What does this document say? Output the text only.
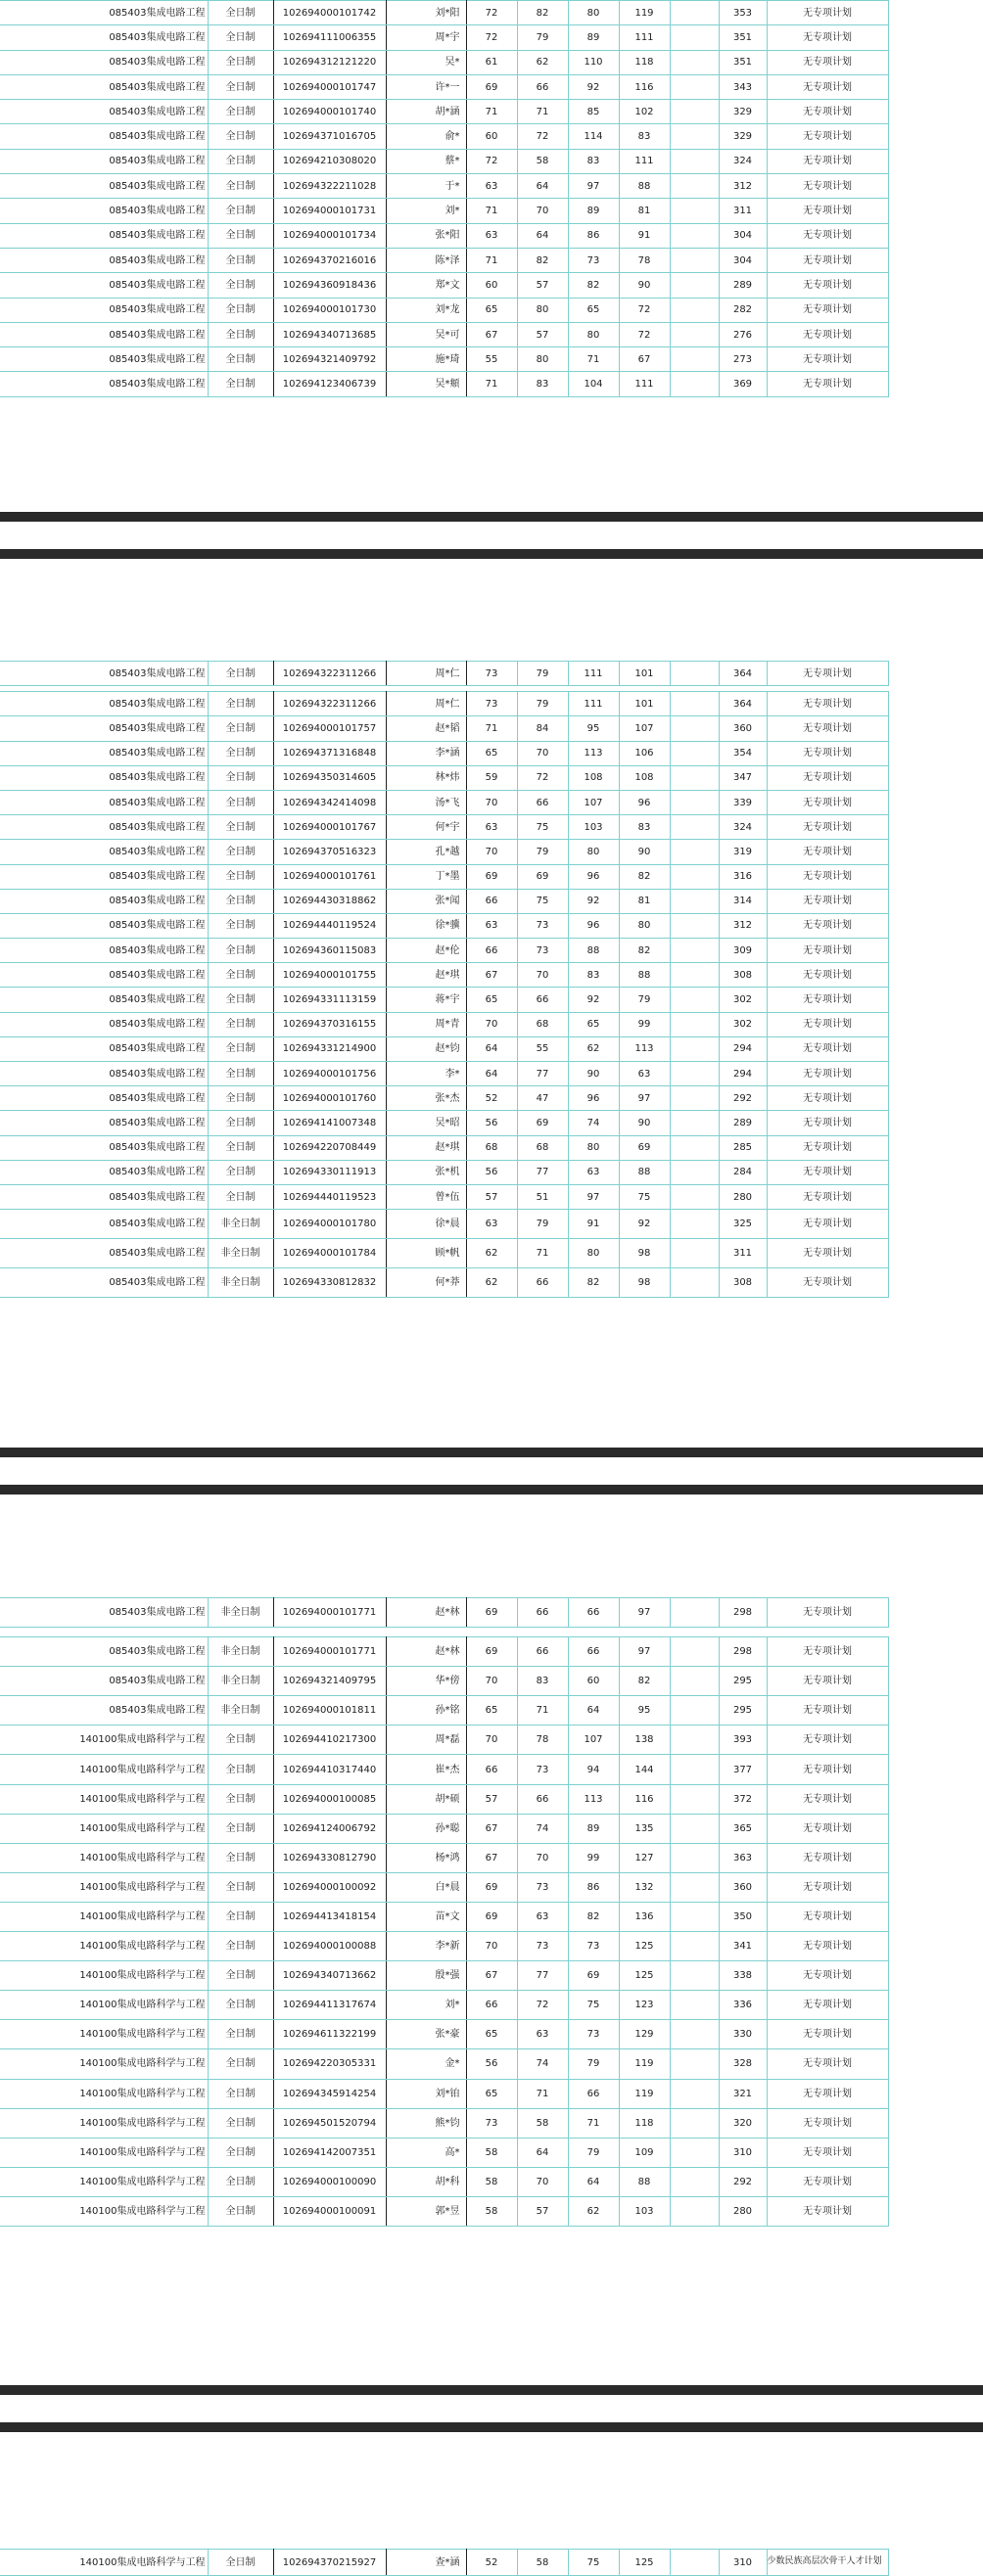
085403集成电路工程	全日制	102694000101742	刘*阳	72	82	80	119		353	无专项计划
085403集成电路工程	全日制	102694111006355	周*宇	72	79	89	111		351	无专项计划
085403集成电路工程	全日制	102694312121220	吴*	61	62	110	118		351	无专项计划
085403集成电路工程	全日制	102694000101747	许*一	69	66	92	116		343	无专项计划
085403集成电路工程	全日制	102694000101740	胡*涵	71	71	85	102		329	无专项计划
085403集成电路工程	全日制	102694371016705	俞*	60	72	114	83		329	无专项计划
085403集成电路工程	全日制	102694210308020	蔡*	72	58	83	111		324	无专项计划
085403集成电路工程	全日制	102694322211028	于*	63	64	97	88		312	无专项计划
085403集成电路工程	全日制	102694000101731	刘*	71	70	89	81		311	无专项计划
085403集成电路工程	全日制	102694000101734	张*阳	63	64	86	91		304	无专项计划
085403集成电路工程	全日制	102694370216016	陈*泽	71	82	73	78		304	无专项计划
085403集成电路工程	全日制	102694360918436	郑*文	60	57	82	90		289	无专项计划
085403集成电路工程	全日制	102694000101730	刘*龙	65	80	65	72		282	无专项计划
085403集成电路工程	全日制	102694340713685	吴*可	67	57	80	72		276	无专项计划
085403集成电路工程	全日制	102694321409792	施*琦	55	80	71	67		273	无专项计划
085403集成电路工程	全日制	102694123406739	吴*頫	71	83	104	111		369	无专项计划
085403集成电路工程	全日制	102694322311266	周*仁	73	79	111	101		364	无专项计划

085403集成电路工程	全日制	102694322311266	周*仁	73	79	111	101		364	无专项计划
085403集成电路工程	全日制	102694000101757	赵*韬	71	84	95	107		360	无专项计划
085403集成电路工程	全日制	102694371316848	李*涵	65	70	113	106		354	无专项计划
085403集成电路工程	全日制	102694350314605	林*炜	59	72	108	108		347	无专项计划
085403集成电路工程	全日制	102694342414098	汤*飞	70	66	107	96		339	无专项计划
085403集成电路工程	全日制	102694000101767	何*宇	63	75	103	83		324	无专项计划
085403集成电路工程	全日制	102694370516323	孔*越	70	79	80	90		319	无专项计划
085403集成电路工程	全日制	102694000101761	丁*墨	69	69	96	82		316	无专项计划
085403集成电路工程	全日制	102694430318862	张*闻	66	75	92	81		314	无专项计划
085403集成电路工程	全日制	102694440119524	徐*骥	63	73	96	80		312	无专项计划
085403集成电路工程	全日制	102694360115083	赵*伦	66	73	88	82		309	无专项计划
085403集成电路工程	全日制	102694000101755	赵*琪	67	70	83	88		308	无专项计划
085403集成电路工程	全日制	102694331113159	蒋*宇	65	66	92	79		302	无专项计划
085403集成电路工程	全日制	102694370316155	周*青	70	68	65	99		302	无专项计划
085403集成电路工程	全日制	102694331214900	赵*钧	64	55	62	113		294	无专项计划
085403集成电路工程	全日制	102694000101756	李*	64	77	90	63		294	无专项计划
085403集成电路工程	全日制	102694000101760	张*杰	52	47	96	97		292	无专项计划
085403集成电路工程	全日制	102694141007348	吴*昭	56	69	74	90		289	无专项计划
085403集成电路工程	全日制	102694220708449	赵*琪	68	68	80	69		285	无专项计划
085403集成电路工程	全日制	102694330111913	张*机	56	77	63	88		284	无专项计划
085403集成电路工程	全日制	102694440119523	曾*伍	57	51	97	75		280	无专项计划
085403集成电路工程	非全日制	102694000101780	徐*晨	63	79	91	92		325	无专项计划
085403集成电路工程	非全日制	102694000101784	顾*帆	62	71	80	98		311	无专项计划
085403集成电路工程	非全日制	102694330812832	何*莽	62	66	82	98		308	无专项计划
085403集成电路工程	非全日制	102694000101771	赵*林	69	66	66	97		298	无专项计划

085403集成电路工程	非全日制	102694000101771	赵*林	69	66	66	97		298	无专项计划
085403集成电路工程	非全日制	102694321409795	华*傍	70	83	60	82		295	无专项计划
085403集成电路工程	非全日制	102694000101811	孙*铭	65	71	64	95		295	无专项计划
140100集成电路科学与工程	全日制	102694410217300	周*磊	70	78	107	138		393	无专项计划
140100集成电路科学与工程	全日制	102694410317440	崔*杰	66	73	94	144		377	无专项计划
140100集成电路科学与工程	全日制	102694000100085	胡*硕	57	66	113	116		372	无专项计划
140100集成电路科学与工程	全日制	102694124006792	孙*聪	67	74	89	135		365	无专项计划
140100集成电路科学与工程	全日制	102694330812790	杨*鸿	67	70	99	127		363	无专项计划
140100集成电路科学与工程	全日制	102694000100092	白*晨	69	73	86	132		360	无专项计划
140100集成电路科学与工程	全日制	102694413418154	苗*文	69	63	82	136		350	无专项计划
140100集成电路科学与工程	全日制	102694000100088	李*新	70	73	73	125		341	无专项计划
140100集成电路科学与工程	全日制	102694340713662	殷*强	67	77	69	125		338	无专项计划
140100集成电路科学与工程	全日制	102694411317674	刘*	66	72	75	123		336	无专项计划
140100集成电路科学与工程	全日制	102694611322199	张*豪	65	63	73	129		330	无专项计划
140100集成电路科学与工程	全日制	102694220305331	金*	56	74	79	119		328	无专项计划
140100集成电路科学与工程	全日制	102694345914254	刘*铂	65	71	66	119		321	无专项计划
140100集成电路科学与工程	全日制	102694501520794	熊*钧	73	58	71	118		320	无专项计划
140100集成电路科学与工程	全日制	102694142007351	高*	58	64	79	109		310	无专项计划
140100集成电路科学与工程	全日制	102694000100090	胡*科	58	70	64	88		292	无专项计划
140100集成电路科学与工程	全日制	102694000100091	郭*昱	58	57	62	103		280	无专项计划
140100集成电路科学与工程	全日制	102694370215927	查*涵	52	58	75	125		310	少数民族高层次骨干人才计划
